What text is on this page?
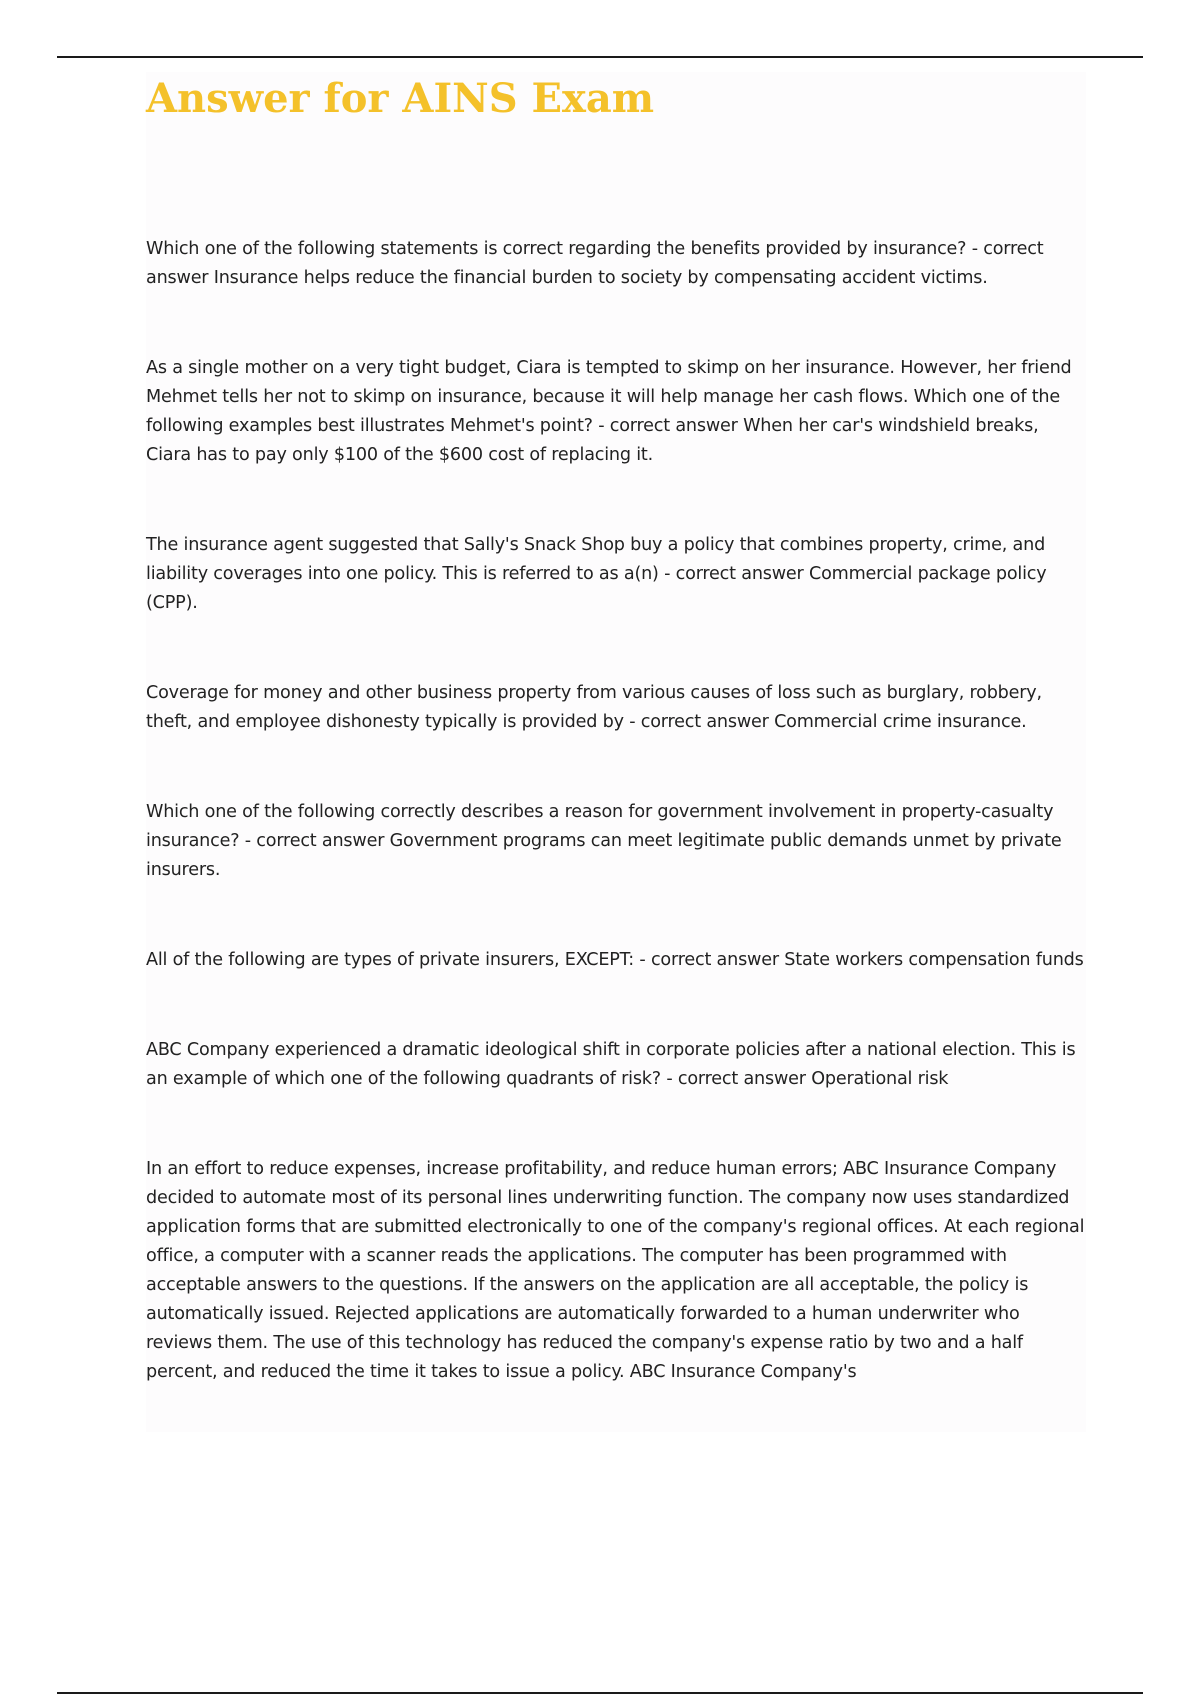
Answer for AINS Exam
Which one of the following statements is correct regarding the benefits provided by insurance? - correct answer Insurance helps reduce the financial burden to society by compensating accident victims.
As a single mother on a very tight budget, Ciara is tempted to skimp on her insurance. However, her friend Mehmet tells her not to skimp on insurance, because it will help manage her cash flows. Which one of the following examples best illustrates Mehmet's point? - correct answer When her car's windshield breaks, Ciara has to pay only $100 of the $600 cost of replacing it.
The insurance agent suggested that Sally's Snack Shop buy a policy that combines property, crime, and liability coverages into one policy. This is referred to as a(n) - correct answer Commercial package policy (CPP).
Coverage for money and other business property from various causes of loss such as burglary, robbery, theft, and employee dishonesty typically is provided by - correct answer Commercial crime insurance.
Which one of the following correctly describes a reason for government involvement in property-casualty insurance? - correct answer Government programs can meet legitimate public demands unmet by private insurers.
All of the following are types of private insurers, EXCEPT: - correct answer State workers compensation funds
ABC Company experienced a dramatic ideological shift in corporate policies after a national election. This is an example of which one of the following quadrants of risk? - correct answer Operational risk
In an effort to reduce expenses, increase profitability, and reduce human errors; ABC Insurance Company decided to automate most of its personal lines underwriting function. The company now uses standardized application forms that are submitted electronically to one of the company's regional offices. At each regional office, a computer with a scanner reads the applications. The computer has been programmed with acceptable answers to the questions. If the answers on the application are all acceptable, the policy is automatically issued. Rejected applications are automatically forwarded to a human underwriter who reviews them. The use of this technology has reduced the company's expense ratio by two and a half percent, and reduced the time it takes to issue a policy. ABC Insurance Company's
